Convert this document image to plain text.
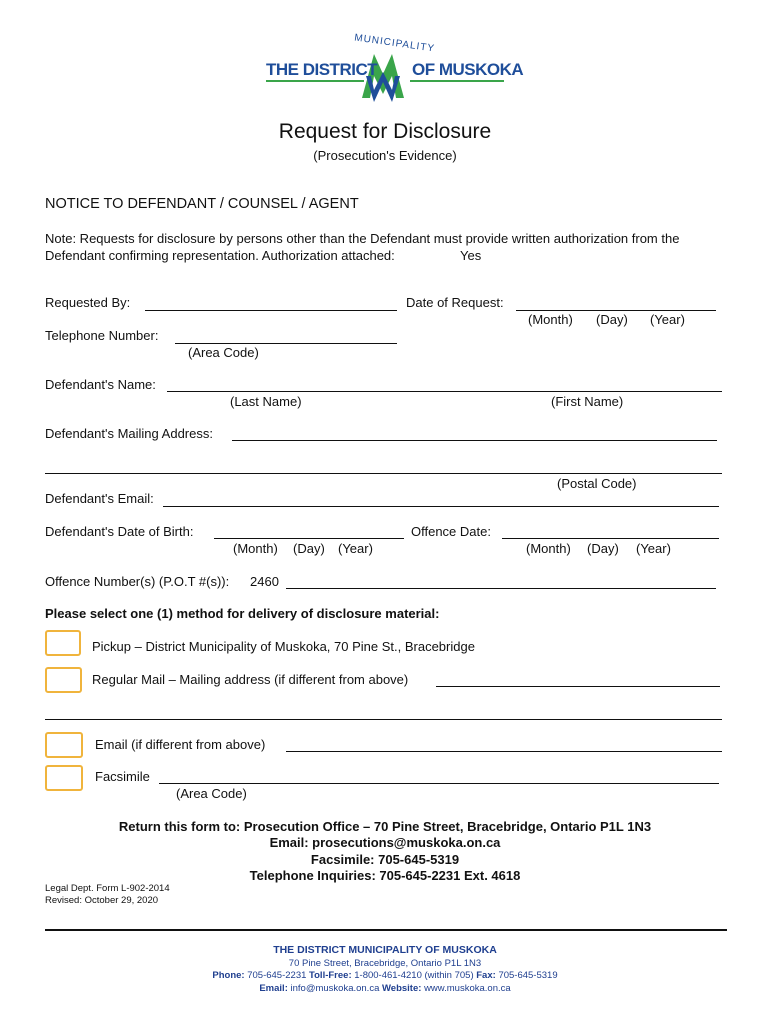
MUNICIPALITY
THE DISTRICT OF MUSKOKA
Request for Disclosure
(Prosecution's Evidence)
NOTICE TO DEFENDANT / COUNSEL / AGENT
Note: Requests for disclosure by persons other than the Defendant must provide written authorization from the
Defendant confirming representation. Authorization attached:	Yes
Requested By:	Date of Request:
(Month) (Day) (Year)
Telephone Number:
(Area Code)
Defendant's Name:
(Last Name)	(First Name)
Defendant's Mailing Address:
(Postal Code)
Defendant's Email:
Defendant's Date of Birth:
(Month) (Day) (Year)
Offence Date:
(Month) (Day) (Year)
Offence Number(s) (P.O.T #(s)): 2460
Please select one (1) method for delivery of disclosure material:
Pickup – District Municipality of Muskoka, 70 Pine St., Bracebridge
Regular Mail – Mailing address (if different from above)
Email (if different from above)
Facsimile
(Area Code)
Return this form to: Prosecution Office – 70 Pine Street, Bracebridge, Ontario P1L 1N3
Email: prosecutions@muskoka.on.ca
Facsimile: 705-645-5319
Telephone Inquiries: 705-645-2231 Ext. 4618
Legal Dept. Form L-902-2014
Revised: October 29, 2020
THE DISTRICT MUNICIPALITY OF MUSKOKA
70 Pine Street, Bracebridge, Ontario P1L 1N3
Phone: 705-645-2231 Toll-Free: 1-800-461-4210 (within 705) Fax: 705-645-5319
Email: info@muskoka.on.ca Website: www.muskoka.on.ca
